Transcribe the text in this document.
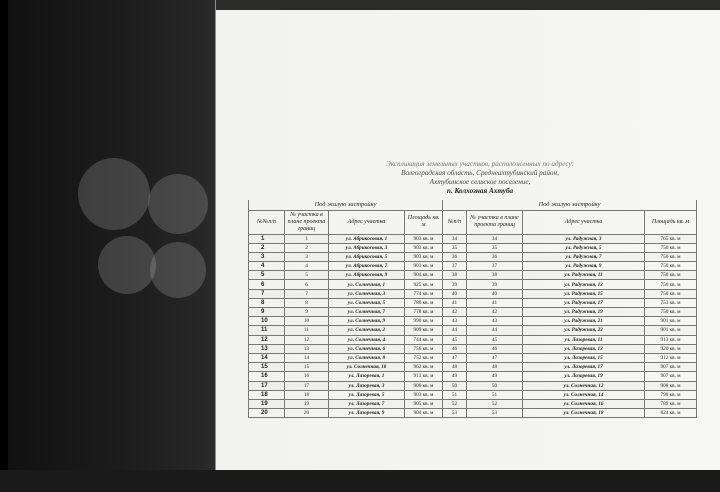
Экспликация земельных участков, расположенных по адресу:
Волгоградская область, Среднеахтубинский район,
Ахтубинское сельское поселение,
п. Колхозная Ахтуба
Под жилую застройку				Под жилую застройку			
№№п/п	№ участка в плане проекта границ	Адрес участка	Площадь кв. м	№п/п	№ участка в плане проекта границ	Адрес участка	Площадь кв. м
1	1	ул. Абрикосовая, 1	903 кв. м	34	34	ул. Радужная, 3	765 кв. м
2	2	ул. Абрикосовая, 3	903 кв. м	35	35	ул. Радужная, 5	750 кв. м
3	3	ул. Абрикосовая, 5	903 кв. м	36	36	ул. Радужная, 7	750 кв. м
4	4	ул. Абрикосовая, 7	903 кв. м	37	37	ул. Радужная, 9	750 кв. м
5	5	ул. Абрикосовая, 9	904 кв. м	38	38	ул. Радужная, 11	750 кв. м
6	6	ул. Солнечная, 1	925 кв. м	39	39	ул. Радужная, 13	750 кв. м
7	7	ул. Солнечная, 3	774 кв. м	40	40	ул. Радужная, 15	750 кв. м
8	8	ул. Солнечная, 5	780 кв. м	41	41	ул. Радужная, 17	753 кв. м
9	9	ул. Солнечная, 7	778 кв. м	42	42	ул. Радужная, 19	750 кв. м
10	10	ул. Солнечная, 9	990 кв. м	43	43	ул. Радужная, 21	901 кв. м
11	11	ул. Солнечная, 2	909 кв. м	44	44	ул. Радужная, 23	901 кв. м
12	12	ул. Солнечная, 4	744 кв. м	45	45	ул. Лазоревая, 11	913 кв. м
13	13	ул. Солнечная, 6	756 кв. м	46	46	ул. Лазоревая, 13	920 кв. м
14	14	ул. Солнечная, 8	752 кв. м	47	47	ул. Лазоревая, 15	912 кв. м
15	15	ул. Солнечная, 10	962 кв. м	48	48	ул. Лазоревая, 17	907 кв. м
16	16	ул. Лазоревая, 1	913 кв. м	49	49	ул. Лазоревая, 19	907 кв. м
17	17	ул. Лазоревая, 3	906 кв. м	50	50	ул. Солнечная, 12	908 кв. м
18	18	ул. Лазоревая, 5	903 кв. м	51	51	ул. Солнечная, 14	790 кв. м
19	19	ул. Лазоревая, 7	905 кв. м	52	52	ул. Солнечная, 16	789 кв. м
20	20	ул. Лазоревая, 9	904 кв. м	53	53	ул. Солнечная, 18	824 кв. м
